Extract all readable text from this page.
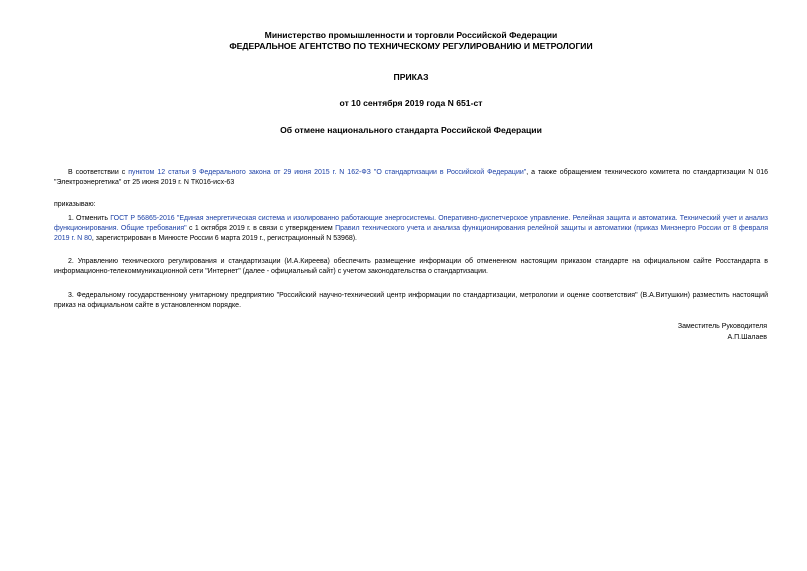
Министерство промышленности и торговли Российской Федерации
ФЕДЕРАЛЬНОЕ АГЕНТСТВО ПО ТЕХНИЧЕСКОМУ РЕГУЛИРОВАНИЮ И МЕТРОЛОГИИ
ПРИКАЗ
от 10 сентября 2019 года N 651-ст
Об отмене национального стандарта Российской Федерации
В соответствии с пунктом 12 статьи 9 Федерального закона от 29 июня 2015 г. N 162-ФЗ "О стандартизации в Российской Федерации", а также обращением технического комитета по стандартизации N 016 "Электроэнергетика" от 25 июня 2019 г. N ТК016-исх-63
приказываю:
1. Отменить ГОСТ Р 56865-2016 "Единая энергетическая система и изолированно работающие энергосистемы. Оперативно-диспетчерское управление. Релейная защита и автоматика. Технический учет и анализ функционирования. Общие требования" с 1 октября 2019 г. в связи с утверждением Правил технического учета и анализа функционирования релейной защиты и автоматики (приказ Минэнерго России от 8 февраля 2019 г. N 80, зарегистрирован в Минюсте России 6 марта 2019 г., регистрационный N 53968).
2. Управлению технического регулирования и стандартизации (И.А.Киреева) обеспечить размещение информации об отмененном настоящим приказом стандарте на официальном сайте Росстандарта в информационно-телекоммуникационной сети "Интернет" (далее - официальный сайт) с учетом законодательства о стандартизации.
3. Федеральному государственному унитарному предприятию "Российский научно-технический центр информации по стандартизации, метрологии и оценке соответствия" (В.А.Витушкин) разместить настоящий приказ на официальном сайте в установленном порядке.
Заместитель Руководителя
А.П.Шалаев
